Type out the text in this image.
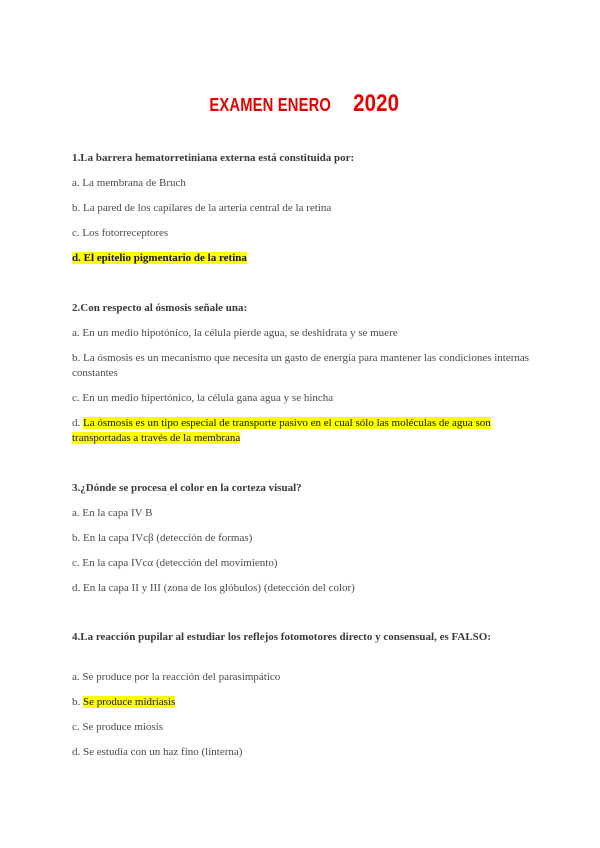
EXAMEN ENERO 2020
1.La barrera hematorretiniana externa está constituida por:
a. La membrana de Bruch
b. La pared de los capilares de la arteria central de la retina
c. Los fotorreceptores
d. El epitelio pigmentario de la retina
2.Con respecto al ósmosis señale una:
a. En un medio hipotónico, la célula pierde agua, se deshidrata y se muere
b. La ósmosis es un mecanismo que necesita un gasto de energía para mantener las condiciones internas constantes
c. En un medio hipertónico, la célula gana agua y se hincha
d. La ósmosis es un tipo especial de transporte pasivo en el cual sólo las moléculas de agua son transportadas a través de la membrana
3.¿Dónde se procesa el color en la corteza visual?
a. En la capa IV B
b. En la capa IVcβ (detección de formas)
c. En la capa IVcα (detección del movimiento)
d. En la capa II y III (zona de los glóbulos) (detección del color)
4.La reacción pupilar al estudiar los reflejos fotomotores directo y consensual, es FALSO:
a. Se produce por la reacción del parasimpático
b. Se produce midriasis
c. Se produce miosis
d. Se estudia con un haz fino (linterna)
